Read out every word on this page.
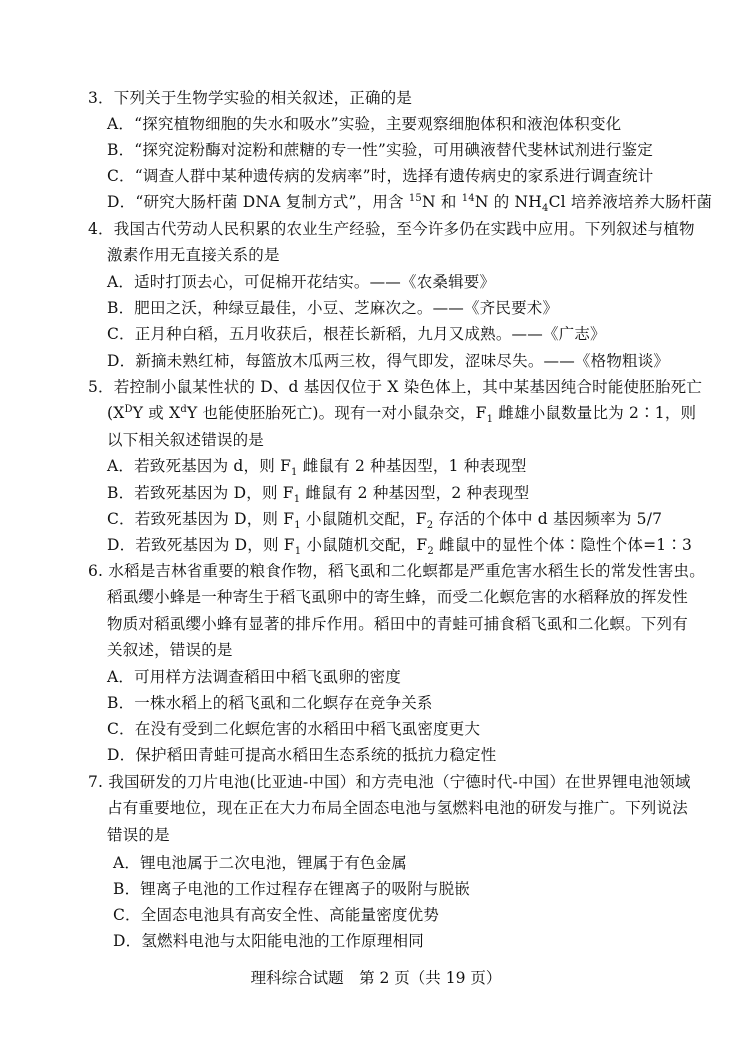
3．下列关于生物学实验的相关叙述，正确的是
A．“探究植物细胞的失水和吸水”实验，主要观察细胞体积和液泡体积变化
B．“探究淀粉酶对淀粉和蔗糖的专一性”实验，可用碘液替代斐林试剂进行鉴定
C．“调查人群中某种遗传病的发病率”时，选择有遗传病史的家系进行调查统计
D．“研究大肠杆菌 DNA 复制方式”，用含 $^{15}$N 和 $^{14}$N 的 $NH_4Cl$ 培养液培养大肠杆菌
4．我国古代劳动人民积累的农业生产经验，至今许多仍在实践中应用。下列叙述与植物
激素作用无直接关系的是
A．适时打顶去心，可促棉开花结实。——《农桑辑要》
B．肥田之沃，种绿豆最佳，小豆、芝麻次之。——《齐民要术》
C．正月种白稻，五月收获后，根茬长新稻，九月又成熟。——《广志》
D．新摘未熟红柿，每篮放木瓜两三枚，得气即发，涩味尽失。——《格物粗谈》
5．若控制小鼠某性状的 D、d 基因仅位于 X 染色体上，其中某基因纯合时能使胚胎死亡
($X^DY$ 或 $X^dY$ 也能使胚胎死亡)。现有一对小鼠杂交，$F_1$ 雌雄小鼠数量比为 2∶1，则
以下相关叙述错误的是
A．若致死基因为 d，则 $F_1$ 雌鼠有 2 种基因型，1 种表现型
B．若致死基因为 D，则 $F_1$ 雌鼠有 2 种基因型，2 种表现型
C．若致死基因为 D，则 $F_1$ 小鼠随机交配，$F_2$ 存活的个体中 d 基因频率为 5/7
D．若致死基因为 D，则 $F_1$ 小鼠随机交配，$F_2$ 雌鼠中的显性个体∶隐性个体=1∶3
6. 水稻是吉林省重要的粮食作物，稻飞虱和二化螟都是严重危害水稻生长的常发性害虫。
稻虱缨小蜂是一种寄生于稻飞虱卵中的寄生蜂，而受二化螟危害的水稻释放的挥发性
物质对稻虱缨小蜂有显著的排斥作用。稻田中的青蛙可捕食稻飞虱和二化螟。下列有
关叙述，错误的是
A．可用样方法调查稻田中稻飞虱卵的密度
B．一株水稻上的稻飞虱和二化螟存在竞争关系
C．在没有受到二化螟危害的水稻田中稻飞虱密度更大
D．保护稻田青蛙可提高水稻田生态系统的抵抗力稳定性
7. 我国研发的刀片电池(比亚迪-中国）和方壳电池（宁德时代-中国）在世界锂电池领域
占有重要地位，现在正在大力布局全固态电池与氢燃料电池的研发与推广。下列说法
错误的是
A．锂电池属于二次电池，锂属于有色金属
B．锂离子电池的工作过程存在锂离子的吸附与脱嵌
C．全固态电池具有高安全性、高能量密度优势
D．氢燃料电池与太阳能电池的工作原理相同
理科综合试题　第 2 页（共 19 页）
